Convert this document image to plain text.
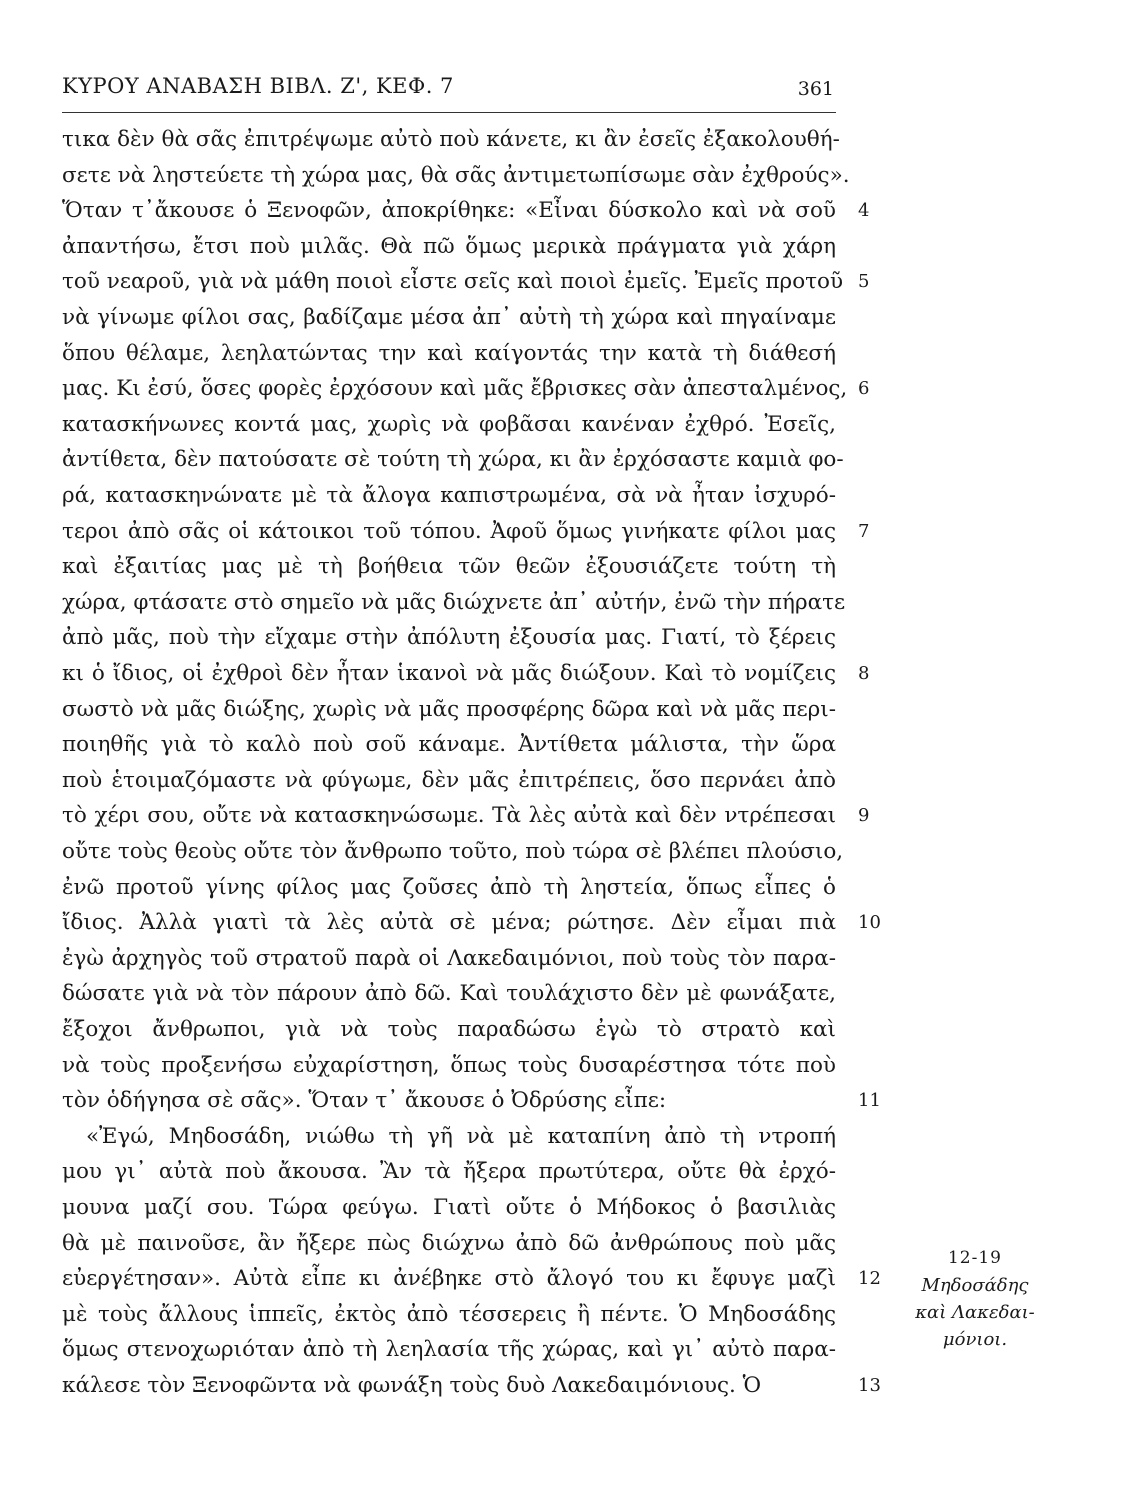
ΚΥΡΟΥ ΑΝΑΒΑΣΗ ΒΙΒΛ. Ζ', ΚΕΦ. 7	361
τικα δὲν θὰ σᾶς ἐπιτρέψωμε αὐτὸ ποὺ κάνετε, κι ἂν ἐσεῖς ἐξακολουθή-
σετε νὰ ληστεύετε τὴ χώρα μας, θὰ σᾶς ἀντιμετωπίσωμε σὰν ἐχθρούς».
Ὅταν τ᾽ἄκουσε ὁ Ξενοφῶν, ἀποκρίθηκε: «Εἶναι δύσκολο καὶ νὰ σοῦ
ἀπαντήσω, ἔτσι ποὺ μιλᾶς. Θὰ πῶ ὅμως μερικὰ πράγματα γιὰ χάρη
τοῦ νεαροῦ, γιὰ νὰ μάθη ποιοὶ εἶστε σεῖς καὶ ποιοὶ ἐμεῖς. Ἐμεῖς προτοῦ
νὰ γίνωμε φίλοι σας, βαδίζαμε μέσα ἀπ᾽ αὐτὴ τὴ χώρα καὶ πηγαίναμε
ὅπου θέλαμε, λεηλατώντας την καὶ καίγοντάς την κατὰ τὴ διάθεσή
μας. Κι ἐσύ, ὅσες φορὲς ἐρχόσουν καὶ μᾶς ἔβρισκες σὰν ἀπεσταλμένος,
κατασκήνωνες κοντά μας, χωρὶς νὰ φοβᾶσαι κανέναν ἐχθρό. Ἐσεῖς,
ἀντίθετα, δὲν πατούσατε σὲ τούτη τὴ χώρα, κι ἂν ἐρχόσαστε καμιὰ φο-
ρά, κατασκηνώνατε μὲ τὰ ἄλογα καπιστρωμένα, σὰ νὰ ἦταν ἰσχυρό-
τεροι ἀπὸ σᾶς οἱ κάτοικοι τοῦ τόπου. Ἀφοῦ ὅμως γινήκατε φίλοι μας
καὶ ἐξαιτίας μας μὲ τὴ βοήθεια τῶν θεῶν ἐξουσιάζετε τούτη τὴ
χώρα, φτάσατε στὸ σημεῖο νὰ μᾶς διώχνετε ἀπ᾽ αὐτήν, ἐνῶ τὴν πήρατε
ἀπὸ μᾶς, ποὺ τὴν εἴχαμε στὴν ἀπόλυτη ἐξουσία μας. Γιατί, τὸ ξέρεις
κι ὁ ἴδιος, οἱ ἐχθροὶ δὲν ἦταν ἱκανοὶ νὰ μᾶς διώξουν. Καὶ τὸ νομίζεις
σωστὸ νὰ μᾶς διώξης, χωρὶς νὰ μᾶς προσφέρης δῶρα καὶ νὰ μᾶς περι-
ποιηθῆς γιὰ τὸ καλὸ ποὺ σοῦ κάναμε. Ἀντίθετα μάλιστα, τὴν ὥρα
ποὺ ἑτοιμαζόμαστε νὰ φύγωμε, δὲν μᾶς ἐπιτρέπεις, ὅσο περνάει ἀπὸ
τὸ χέρι σου, οὔτε νὰ κατασκηνώσωμε. Τὰ λὲς αὐτὰ καὶ δὲν ντρέπεσαι
οὔτε τοὺς θεοὺς οὔτε τὸν ἄνθρωπο τοῦτο, ποὺ τώρα σὲ βλέπει πλούσιο,
ἐνῶ προτοῦ γίνης φίλος μας ζοῦσες ἀπὸ τὴ ληστεία, ὅπως εἶπες ὁ
ἴδιος. Ἀλλὰ γιατὶ τὰ λὲς αὐτὰ σὲ μένα; ρώτησε. Δὲν εἶμαι πιὰ
ἐγὼ ἀρχηγὸς τοῦ στρατοῦ παρὰ οἱ Λακεδαιμόνιοι, ποὺ τοὺς τὸν παρα-
δώσατε γιὰ νὰ τὸν πάρουν ἀπὸ δῶ. Καὶ τουλάχιστο δὲν μὲ φωνάξατε,
ἔξοχοι ἄνθρωποι, γιὰ νὰ τοὺς παραδώσω ἐγὼ τὸ στρατὸ καὶ
νὰ τοὺς προξενήσω εὐχαρίστηση, ὅπως τοὺς δυσαρέστησα τότε ποὺ
τὸν ὁδήγησα σὲ σᾶς». Ὅταν τ᾽ ἄκουσε ὁ Ὀδρύσης εἶπε:
«Ἐγώ, Μηδοσάδη, νιώθω τὴ γῆ νὰ μὲ καταπίνη ἀπὸ τὴ ντροπή
μου γι᾽ αὐτὰ ποὺ ἄκουσα. Ἂν τὰ ἤξερα πρωτύτερα, οὔτε θὰ ἐρχό-
μουνα μαζί σου. Τώρα φεύγω. Γιατὶ οὔτε ὁ Μήδοκος ὁ βασιλιὰς
θὰ μὲ παινοῦσε, ἂν ἤξερε πὼς διώχνω ἀπὸ δῶ ἀνθρώπους ποὺ μᾶς
εὐεργέτησαν». Αὐτὰ εἶπε κι ἀνέβηκε στὸ ἄλογό του κι ἔφυγε μαζὶ
μὲ τοὺς ἄλλους ἱππεῖς, ἐκτὸς ἀπὸ τέσσερεις ἢ πέντε. Ὁ Μηδοσάδης
ὅμως στενοχωριόταν ἀπὸ τὴ λεηλασία τῆς χώρας, καὶ γι᾽ αὐτὸ παρα-
κάλεσε τὸν Ξενοφῶντα νὰ φωνάξη τοὺς δυὸ Λακεδαιμόνιους. Ὁ
4
5
6
7
8
9
10
11
12
13
12-19
Μηδοσάδης
καὶ Λακεδαι-
μόνιοι.
